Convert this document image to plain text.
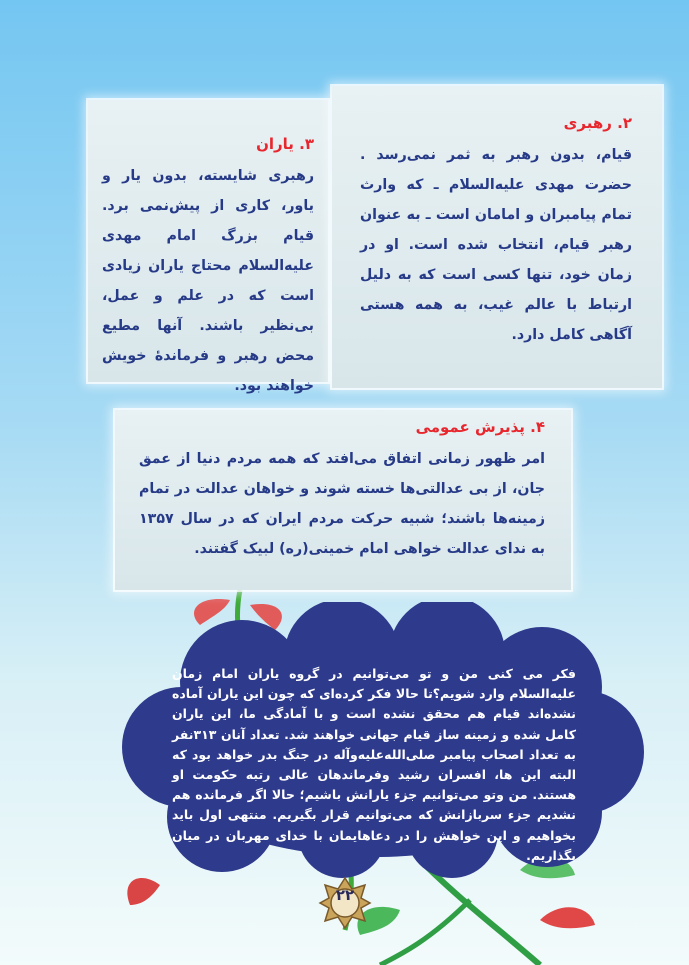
۳. یاران

رهبری شایسته، بدون یار و یاور، کاری از پیش‌نمی برد. قیام بزرگ امام مهدی علیه‌السلام محتاج یاران زیادی است که در علم و عمل، بی‌نظیر باشند. آنها مطیع محض رهبر و فرماندهٔ خویش خواهند بود.

۲. رهبری

قیام، بدون رهبر به ثمر نمی‌رسد . حضرت مهدی علیه‌السلام ـ که وارث تمام پیامبران و امامان است ـ به عنوان رهبر قیام، انتخاب شده است. او در زمان خود، تنها کسی است که به دلیل ارتباط با عالم غیب، به همه هستی آگاهی کامل دارد.

۴. پذیرش عمومی

امر ظهور زمانی اتفاق می‌افتد که همه مردم دنیا از عمق جان، از بی عدالتی‌ها خسته شوند و خواهان عدالت در تمام زمینه‌ها باشند؛ شبیه حرکت مردم ایران که در سال ۱۳۵۷ به ندای عدالت خواهی امام خمینی(ره) لبیک گفتند.

فکر می کنی من و تو می‌توانیم در گروه یاران امام زمان علیه‌السلام وارد شویم؟تا حالا فکر کرده‌ای که چون این یاران آماده نشده‌اند قیام هم محقق نشده است و با آمادگی ما، این یاران کامل شده و زمینه ساز قیام جهانی خواهند شد. تعداد آنان ۳۱۳نفر به تعداد اصحاب پیامبر صلی‌الله‌علیه‌وآله در جنگ بدر خواهد بود که البته این ها، افسران رشید وفرماندهان عالی رتبه حکومت او هستند. من وتو می‌توانیم جزء یارانش باشیم؛ حالا اگر فرمانده هم نشدیم جزء سربازانش که می‌توانیم قرار بگیریم. منتهی اول باید بخواهیم و این خواهش را در دعاهایمان با خدای مهربان در میان بگذاریم.
۲۲
